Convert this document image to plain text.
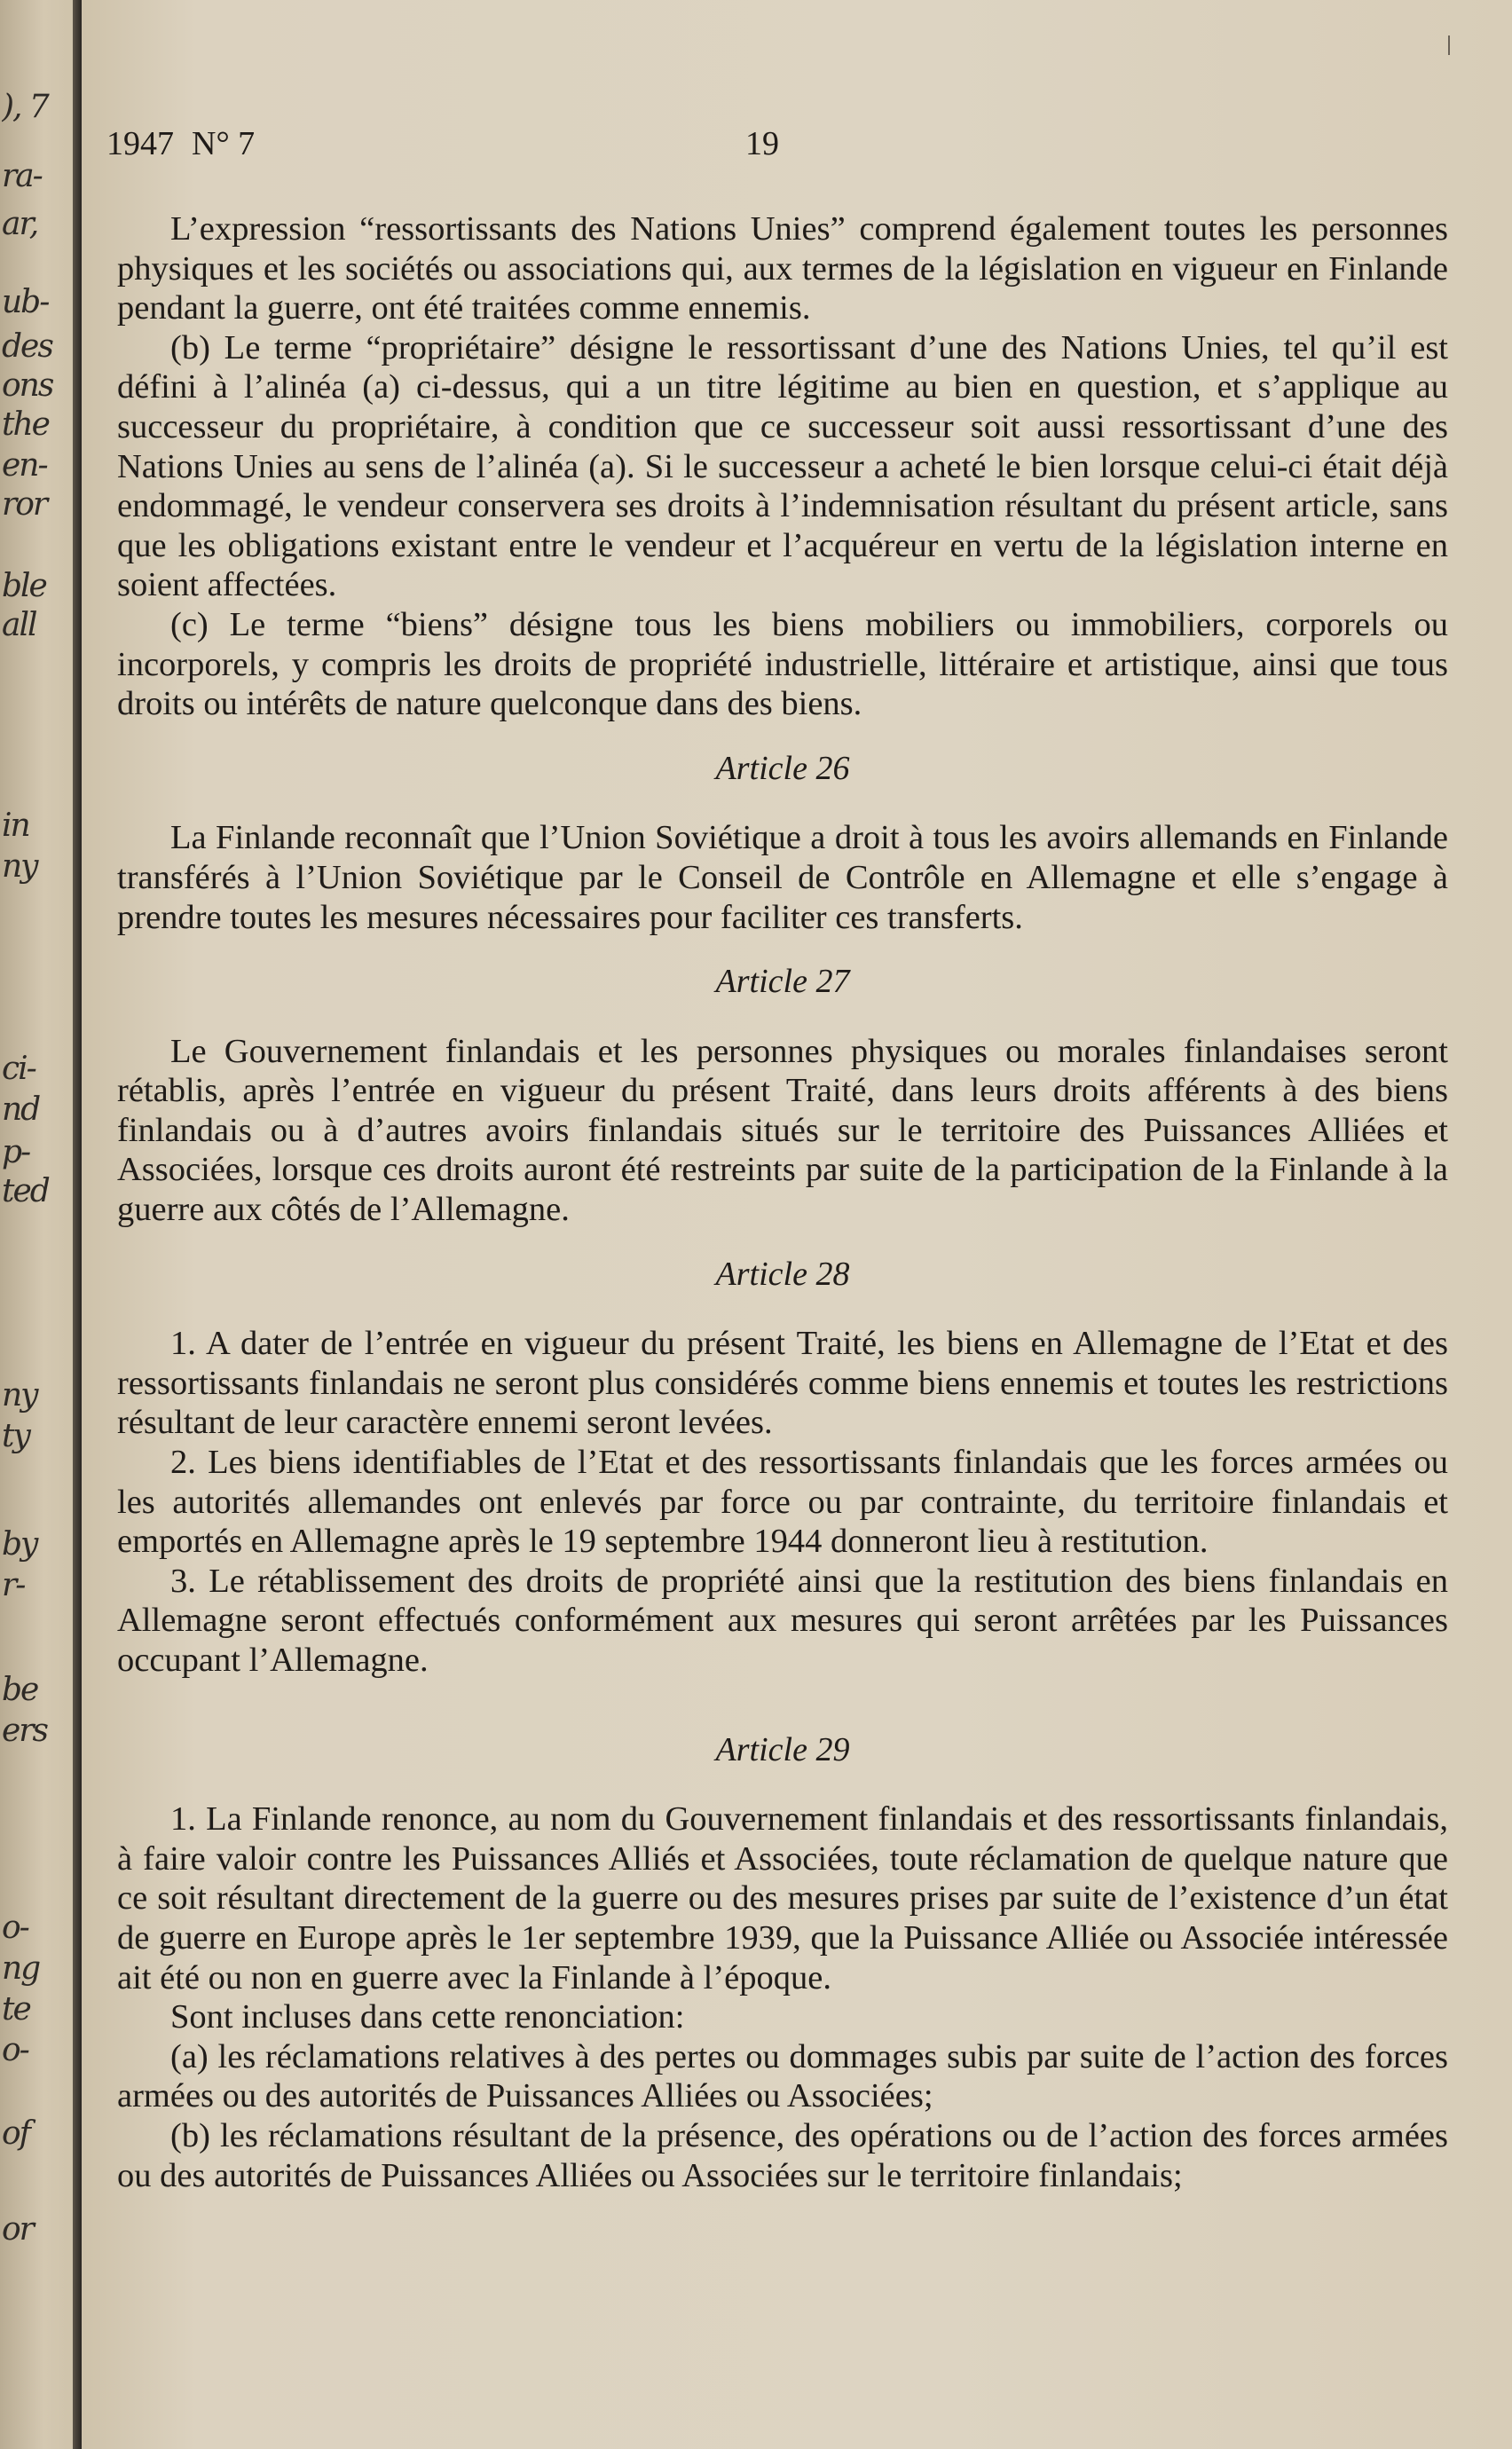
), 7
ra-
ar,
ub-
des
ons
the
en-
ror
ble
all
in
ny
ci-
nd
p-
ted
ny
ty
by
r-
be
ers
o-
ng
te
o-
of
or
1947 N° 7	19

L’expression “ressortissants des Nations Unies” comprend également toutes les personnes physiques et les sociétés ou associations qui, aux termes de la législation en vigueur en Finlande pendant la guerre, ont été traitées comme ennemis.

(b) Le terme “propriétaire” désigne le ressortissant d’une des Nations Unies, tel qu’il est défini à l’alinéa (a) ci-dessus, qui a un titre légitime au bien en question, et s’applique au successeur du propriétaire, à condition que ce successeur soit aussi ressortissant d’une des Nations Unies au sens de l’alinéa (a). Si le successeur a acheté le bien lorsque celui-ci était déjà endommagé, le vendeur conservera ses droits à l’indemnisation résultant du présent article, sans que les obligations existant entre le vendeur et l’acquéreur en vertu de la législation interne en soient affectées.

(c) Le terme “biens” désigne tous les biens mobiliers ou immobiliers, corporels ou incorporels, y compris les droits de propriété industrielle, littéraire et artistique, ainsi que tous droits ou intérêts de nature quelconque dans des biens.

Article 26

La Finlande reconnaît que l’Union Soviétique a droit à tous les avoirs allemands en Finlande transférés à l’Union Soviétique par le Conseil de Contrôle en Allemagne et elle s’engage à prendre toutes les mesures nécessaires pour faciliter ces transferts.

Article 27

Le Gouvernement finlandais et les personnes physiques ou morales finlandaises seront rétablis, après l’entrée en vigueur du présent Traité, dans leurs droits afférents à des biens finlandais ou à d’autres avoirs finlandais situés sur le territoire des Puissances Alliées et Associées, lorsque ces droits auront été restreints par suite de la participation de la Finlande à la guerre aux côtés de l’Allemagne.

Article 28

1. A dater de l’entrée en vigueur du présent Traité, les biens en Allemagne de l’Etat et des ressortissants finlandais ne seront plus considérés comme biens ennemis et toutes les restrictions résultant de leur caractère ennemi seront levées.

2. Les biens identifiables de l’Etat et des ressortissants finlandais que les forces armées ou les autorités allemandes ont enlevés par force ou par contrainte, du territoire finlandais et emportés en Allemagne après le 19 septembre 1944 donneront lieu à restitution.

3. Le rétablissement des droits de propriété ainsi que la restitution des biens finlandais en Allemagne seront effectués conformément aux mesures qui seront arrêtées par les Puissances occupant l’Allemagne.

Article 29

1. La Finlande renonce, au nom du Gouvernement finlandais et des ressortissants finlandais, à faire valoir contre les Puissances Alliés et Associées, toute réclamation de quelque nature que ce soit résultant directement de la guerre ou des mesures prises par suite de l’existence d’un état de guerre en Europe après le 1er septembre 1939, que la Puissance Alliée ou Associée intéressée ait été ou non en guerre avec la Finlande à l’époque.

Sont incluses dans cette renonciation:

(a) les réclamations relatives à des pertes ou dommages subis par suite de l’action des forces armées ou des autorités de Puissances Alliées ou Associées;

(b) les réclamations résultant de la présence, des opérations ou de l’action des forces armées ou des autorités de Puissances Alliées ou Associées sur le territoire finlandais;
